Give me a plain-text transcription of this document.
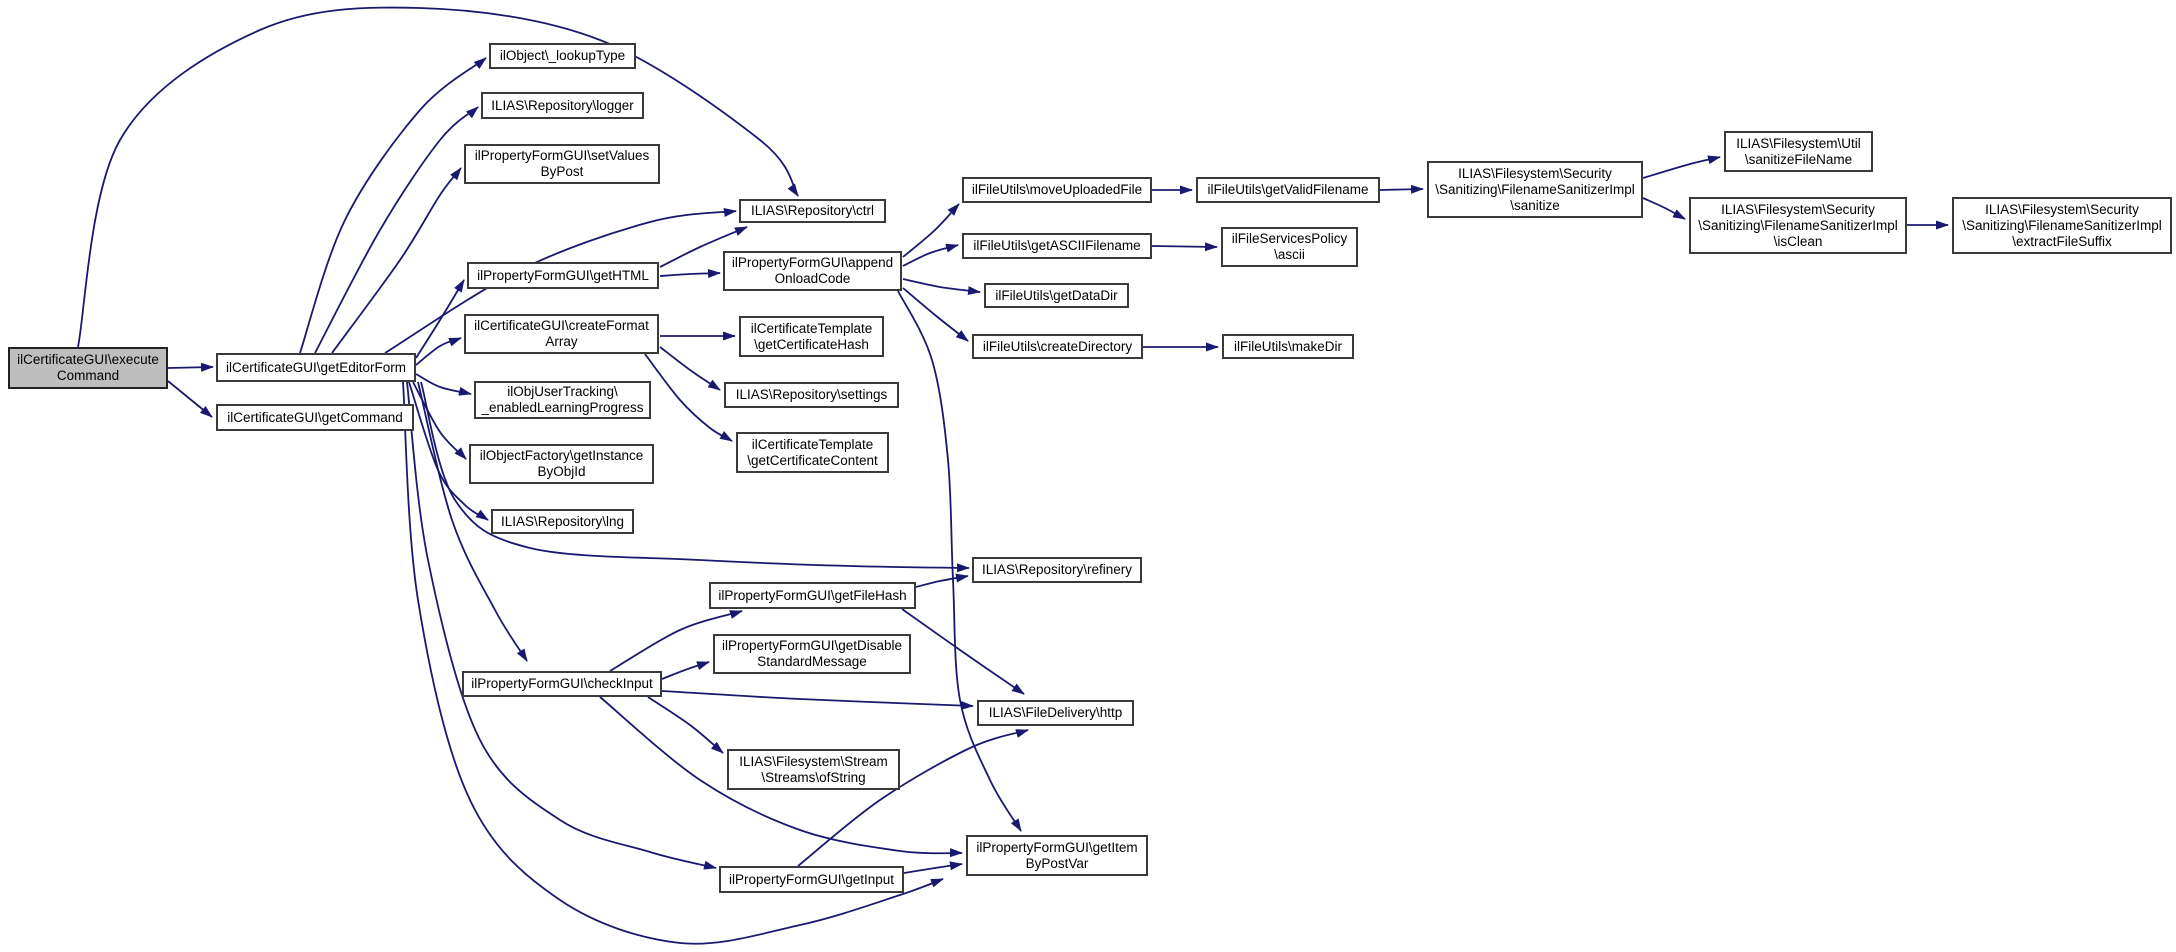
ilCertificateGUI\execute
Command
ilCertificateGUI\getEditorForm
ilCertificateGUI\getCommand
ilObject\_lookupType
ILIAS\Repository\logger
ilPropertyFormGUI\setValues
ByPost
ILIAS\Repository\ctrl
ilPropertyFormGUI\getHTML
ilPropertyFormGUI\append
OnloadCode
ilCertificateGUI\createFormat
Array
ilCertificateTemplate
\getCertificateHash
ILIAS\Repository\settings
ilCertificateTemplate
\getCertificateContent
ilObjUserTracking\
_enabledLearningProgress
ilObjectFactory\getInstance
ByObjId
ILIAS\Repository\lng
ILIAS\Repository\refinery
ilPropertyFormGUI\getFileHash
ilPropertyFormGUI\getDisable
StandardMessage
ilPropertyFormGUI\checkInput
ILIAS\FileDelivery\http
ILIAS\Filesystem\Stream
\Streams\ofString
ilPropertyFormGUI\getItem
ByPostVar
ilPropertyFormGUI\getInput
ilFileUtils\moveUploadedFile	ilFileUtils\getValidFilename
ilFileUtils\getASCIIFilename	ilFileServicesPolicy
\ascii
ilFileUtils\getDataDir
ilFileUtils\createDirectory	ilFileUtils\makeDir
ILIAS\Filesystem\Security
\Sanitizing\FilenameSanitizerImpl
\sanitize
ILIAS\Filesystem\Util
\sanitizeFileName
ILIAS\Filesystem\Security
\Sanitizing\FilenameSanitizerImpl
\isClean
ILIAS\Filesystem\Security
\Sanitizing\FilenameSanitizerImpl
\extractFileSuffix
